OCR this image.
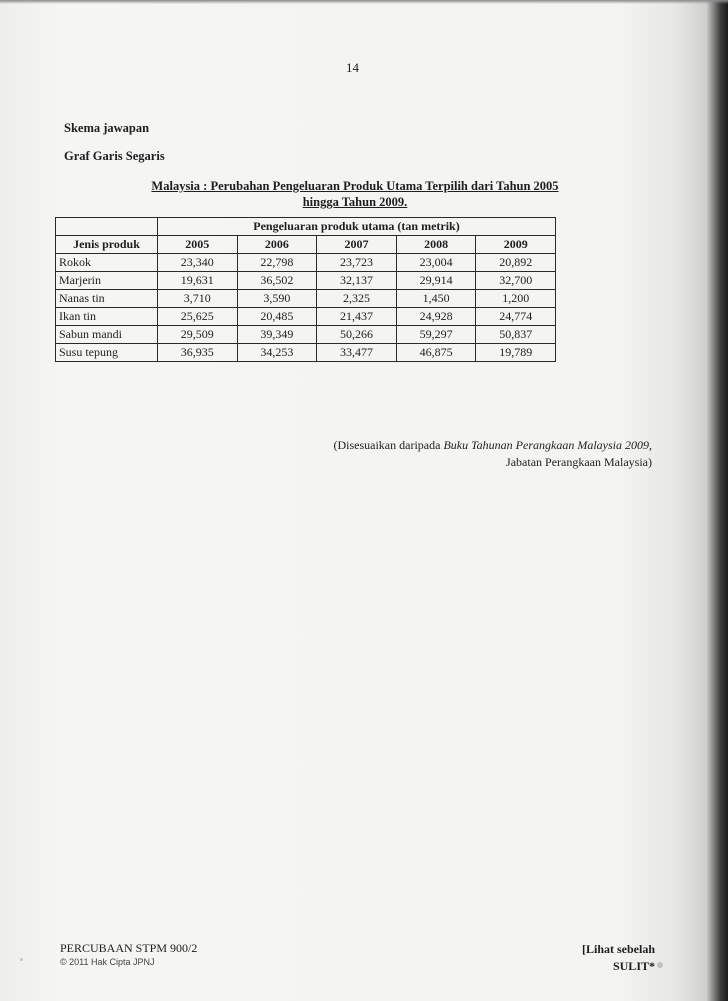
14
Skema jawapan
Graf Garis Segaris
Malaysia : Perubahan Pengeluaran Produk Utama Terpilih dari Tahun 2005
hingga Tahun 2009.
	Pengeluaran produk utama (tan metrik)				
Jenis produk	2005	2006	2007	2008	2009
Rokok	23,340	22,798	23,723	23,004	20,892
Marjerin	19,631	36,502	32,137	29,914	32,700
Nanas tin	3,710	3,590	2,325	1,450	1,200
Ikan tin	25,625	20,485	21,437	24,928	24,774
Sabun mandi	29,509	39,349	50,266	59,297	50,837
Susu tepung	36,935	34,253	33,477	46,875	19,789
(Disesuaikan daripada Buku Tahunan Perangkaan Malaysia 2009,
Jabatan Perangkaan Malaysia)
PERCUBAAN STPM 900/2
© 2011 Hak Cipta JPNJ
[Lihat sebelah
SULIT*
